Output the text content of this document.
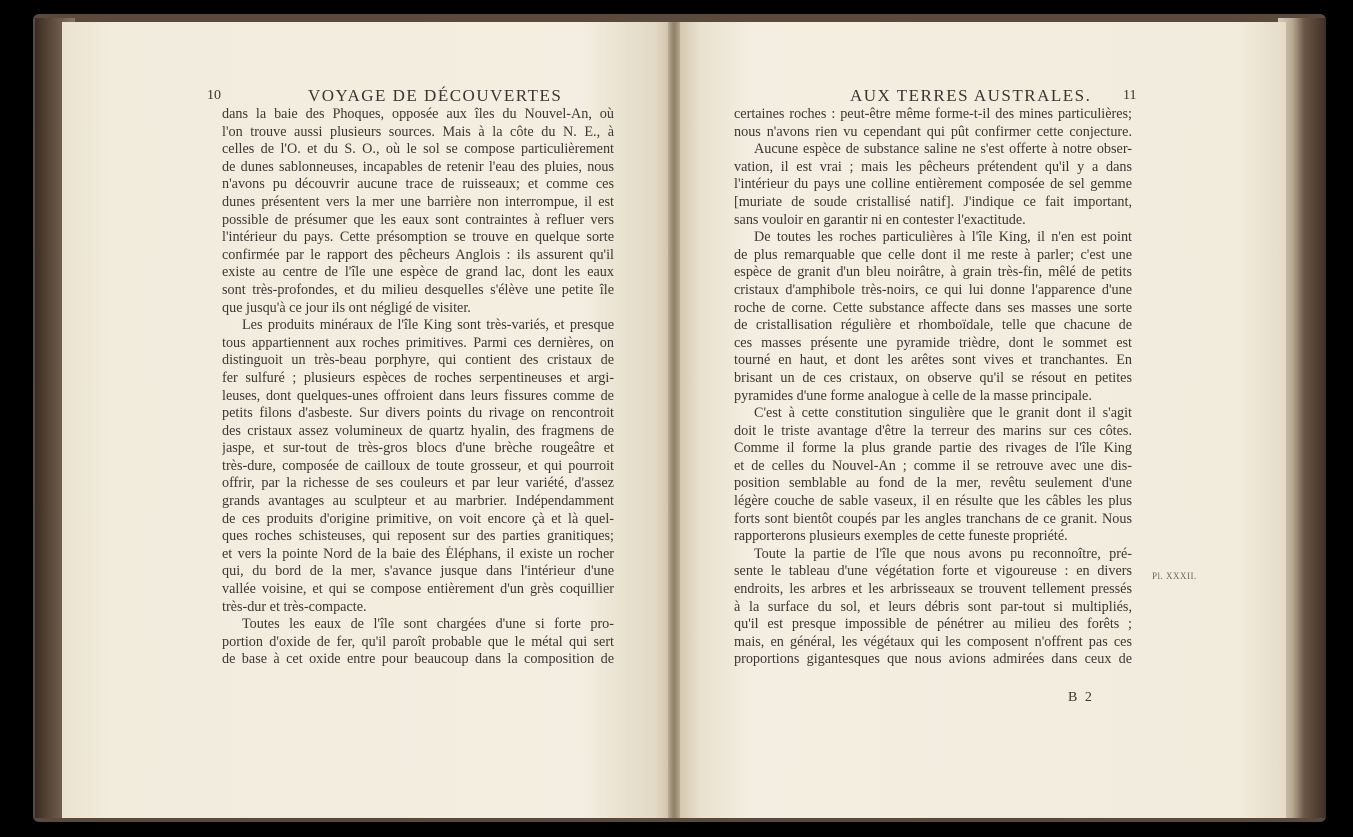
10	VOYAGE DE DÉCOUVERTES	AUX TERRES AUSTRALES. 11
dans la baie des Phoques, opposée aux îles du Nouvel-An, où
l'on trouve aussi plusieurs sources. Mais à la côte du N. E., à
celles de l'O. et du S. O., où le sol se compose particulièrement
de dunes sablonneuses, incapables de retenir l'eau des pluies, nous
n'avons pu découvrir aucune trace de ruisseaux; et comme ces
dunes présentent vers la mer une barrière non interrompue, il est
possible de présumer que les eaux sont contraintes à refluer vers
l'intérieur du pays. Cette présomption se trouve en quelque sorte
confirmée par le rapport des pêcheurs Anglois : ils assurent qu'il
existe au centre de l'île une espèce de grand lac, dont les eaux
sont très-profondes, et du milieu desquelles s'élève une petite île
que jusqu'à ce jour ils ont négligé de visiter.
Les produits minéraux de l'île King sont très-variés, et presque
tous appartiennent aux roches primitives. Parmi ces dernières, on
distinguoit un très-beau porphyre, qui contient des cristaux de
fer sulfuré ; plusieurs espèces de roches serpentineuses et argi-
leuses, dont quelques-unes offroient dans leurs fissures comme de
petits filons d'asbeste. Sur divers points du rivage on rencontroit
des cristaux assez volumineux de quartz hyalin, des fragmens de
jaspe, et sur-tout de très-gros blocs d'une brèche rougeâtre et
très-dure, composée de cailloux de toute grosseur, et qui pourroit
offrir, par la richesse de ses couleurs et par leur variété, d'assez
grands avantages au sculpteur et au marbrier. Indépendamment
de ces produits d'origine primitive, on voit encore çà et là quel-
ques roches schisteuses, qui reposent sur des parties granitiques;
et vers la pointe Nord de la baie des Éléphans, il existe un rocher
qui, du bord de la mer, s'avance jusque dans l'intérieur d'une
vallée voisine, et qui se compose entièrement d'un grès coquillier
très-dur et très-compacte.
Toutes les eaux de l'île sont chargées d'une si forte pro-
portion d'oxide de fer, qu'il paroît probable que le métal qui sert
de base à cet oxide entre pour beaucoup dans la composition de
certaines roches : peut-être même forme-t-il des mines particulières;
nous n'avons rien vu cependant qui pût confirmer cette conjecture.
Aucune espèce de substance saline ne s'est offerte à notre obser-
vation, il est vrai ; mais les pêcheurs prétendent qu'il y a dans
l'intérieur du pays une colline entièrement composée de sel gemme
[muriate de soude cristallisé natif]. J'indique ce fait important,
sans vouloir en garantir ni en contester l'exactitude.
De toutes les roches particulières à l'île King, il n'en est point
de plus remarquable que celle dont il me reste à parler; c'est une
espèce de granit d'un bleu noirâtre, à grain très-fin, mêlé de petits
cristaux d'amphibole très-noirs, ce qui lui donne l'apparence d'une
roche de corne. Cette substance affecte dans ses masses une sorte
de cristallisation régulière et rhomboïdale, telle que chacune de
ces masses présente une pyramide trièdre, dont le sommet est
tourné en haut, et dont les arêtes sont vives et tranchantes. En
brisant un de ces cristaux, on observe qu'il se résout en petites
pyramides d'une forme analogue à celle de la masse principale.
C'est à cette constitution singulière que le granit dont il s'agit
doit le triste avantage d'être la terreur des marins sur ces côtes.
Comme il forme la plus grande partie des rivages de l'île King
et de celles du Nouvel-An ; comme il se retrouve avec une dis-
position semblable au fond de la mer, revêtu seulement d'une
légère couche de sable vaseux, il en résulte que les câbles les plus
forts sont bientôt coupés par les angles tranchans de ce granit. Nous
rapporterons plusieurs exemples de cette funeste propriété.
Toute la partie de l'île que nous avons pu reconnoître, pré-
sente le tableau d'une végétation forte et vigoureuse : en divers
endroits, les arbres et les arbrisseaux se trouvent tellement pressés
à la surface du sol, et leurs débris sont par-tout si multipliés,
qu'il est presque impossible de pénétrer au milieu des forêts ;
mais, en général, les végétaux qui les composent n'offrent pas ces
proportions gigantesques que nous avions admirées dans ceux de
Pl. XXXII.
B 2
